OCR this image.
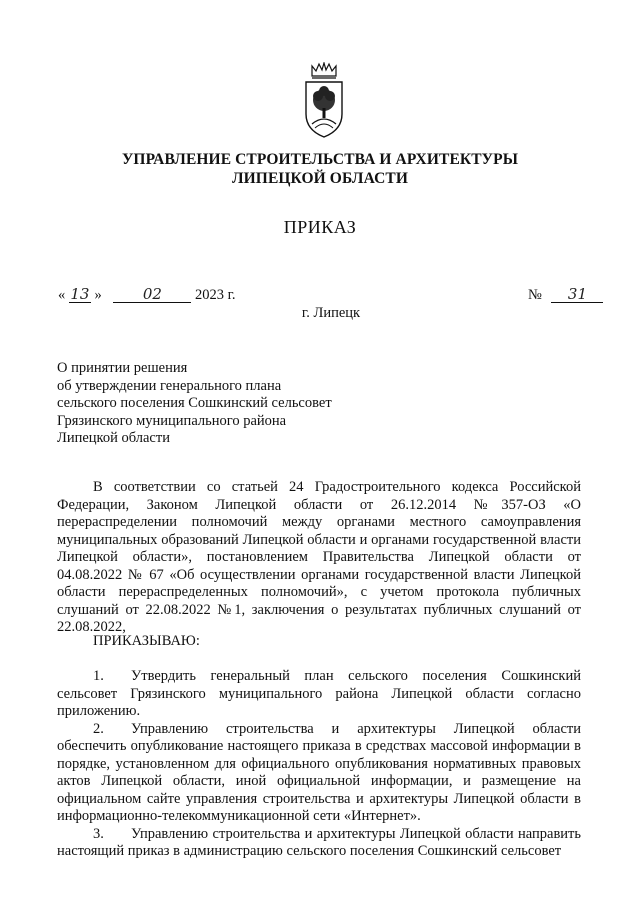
УПРАВЛЕНИЕ СТРОИТЕЛЬСТВА И АРХИТЕКТУРЫ
ЛИПЕЦКОЙ ОБЛАСТИ
ПРИКАЗ
« 13 »	02 2023 г.	№ 31
г. Липецк
О принятии решения
об утверждении генерального плана
сельского поселения Сошкинский сельсовет
Грязинского муниципального района
Липецкой области
В соответствии со статьей 24 Градостроительного кодекса Российской Федерации, Законом Липецкой области от 26.12.2014 №357-ОЗ «О перераспределении полномочий между органами местного самоуправления муниципальных образований Липецкой области и органами государственной власти Липецкой области», постановлением Правительства Липецкой области от 04.08.2022 № 67 «Об осуществлении органами государственной власти Липецкой области перераспределенных полномочий», с учетом протокола публичных слушаний от 22.08.2022 №1, заключения о результатах публичных слушаний от 22.08.2022,
ПРИКАЗЫВАЮ:

1. Утвердить генеральный план сельского поселения Сошкинский сельсовет Грязинского муниципального района Липецкой области согласно приложению.

2. Управлению строительства и архитектуры Липецкой области обеспечить опубликование настоящего приказа в средствах массовой информации в порядке, установленном для официального опубликования нормативных правовых актов Липецкой области, иной официальной информации, и размещение на официальном сайте управления строительства и архитектуры Липецкой области в информационно-телекоммуникационной сети «Интернет».

3. Управлению строительства и архитектуры Липецкой области направить настоящий приказ в администрацию сельского поселения Сошкинский сельсовет
